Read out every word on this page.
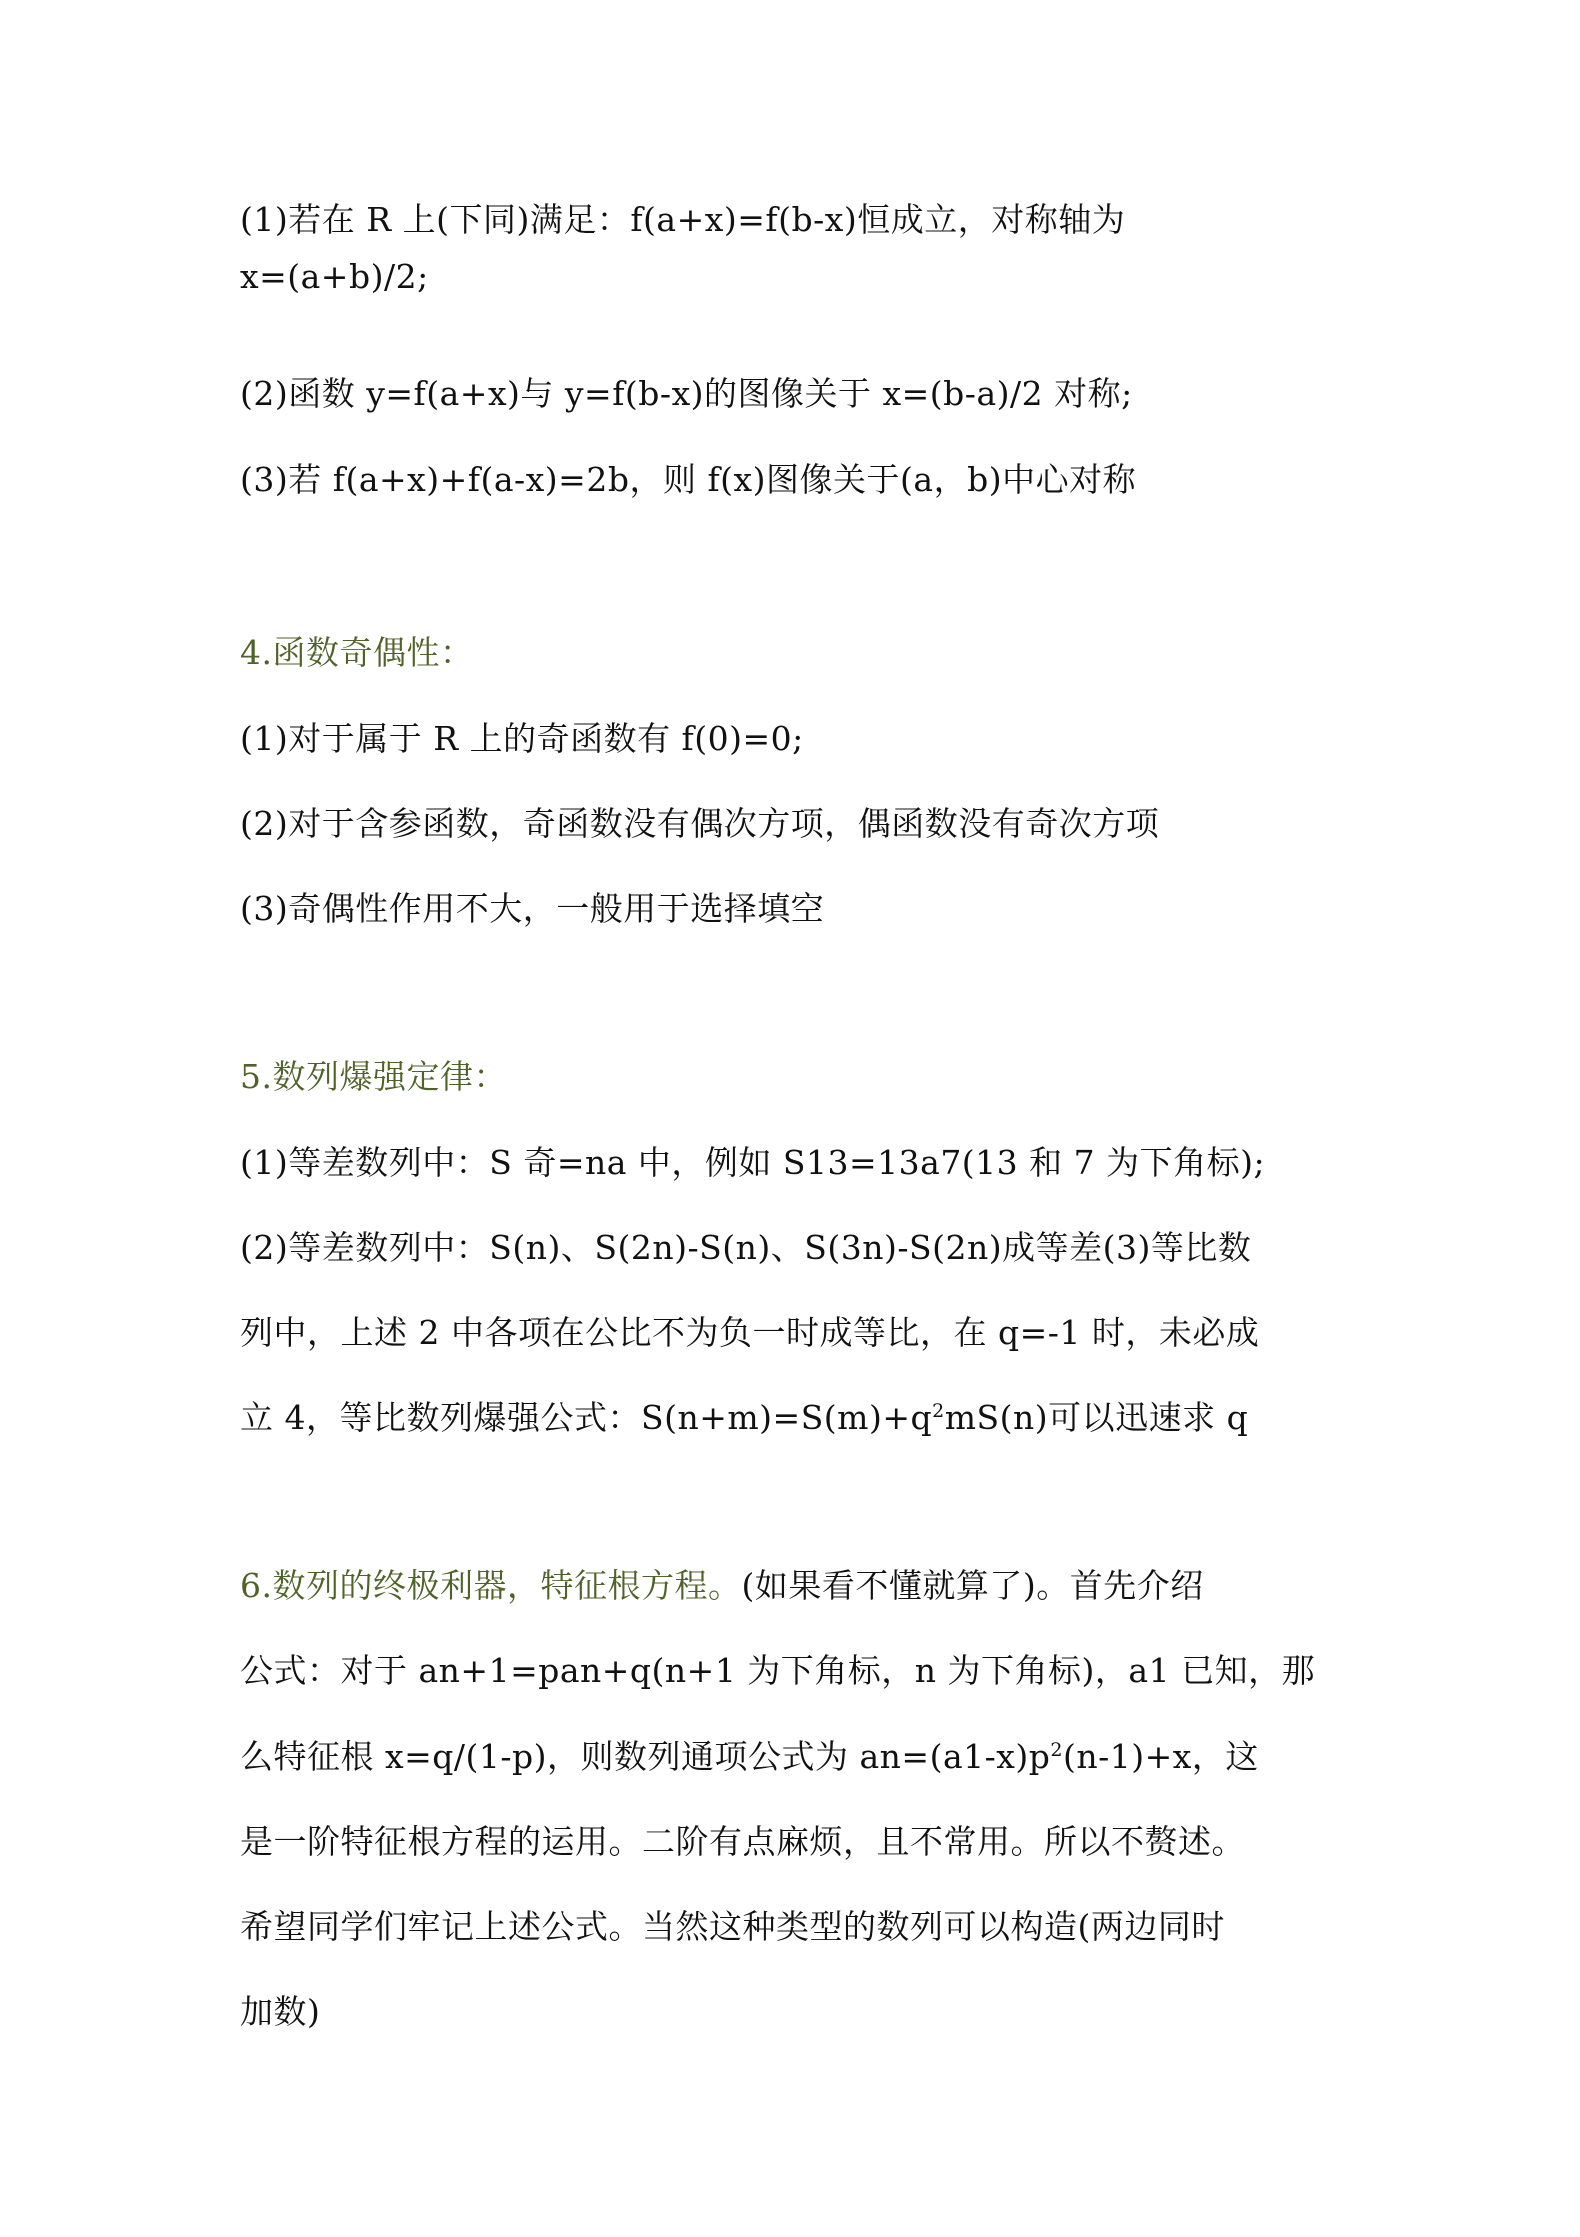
(1)若在 R 上(下同)满足：f(a+x)=f(b-x)恒成立，对称轴为
x=(a+b)/2;
(2)函数 y=f(a+x)与 y=f(b-x)的图像关于 x=(b-a)/2 对称;
(3)若 f(a+x)+f(a-x)=2b，则 f(x)图像关于(a，b)中心对称
4.函数奇偶性：
(1)对于属于 R 上的奇函数有 f(0)=0;
(2)对于含参函数，奇函数没有偶次方项，偶函数没有奇次方项
(3)奇偶性作用不大，一般用于选择填空
5.数列爆强定律：
(1)等差数列中：S 奇=na 中，例如 S13=13a7(13 和 7 为下角标);
(2)等差数列中：S(n)、S(2n)-S(n)、S(3n)-S(2n)成等差(3)等比数
列中，上述 2 中各项在公比不为负一时成等比，在 q=-1 时，未必成
立 4，等比数列爆强公式：$S(n+m)=S(m)+q^2mS(n)$可以迅速求 q
6.数列的终极利器，特征根方程。(如果看不懂就算了)。首先介绍
公式：对于 an+1=pan+q(n+1 为下角标，n 为下角标)，a1 已知，那
么特征根 x=q/(1-p)，则数列通项公式为 $an=(a1-x)p^2(n-1)+x$，这
是一阶特征根方程的运用。二阶有点麻烦，且不常用。所以不赘述。
希望同学们牢记上述公式。当然这种类型的数列可以构造(两边同时
加数)
